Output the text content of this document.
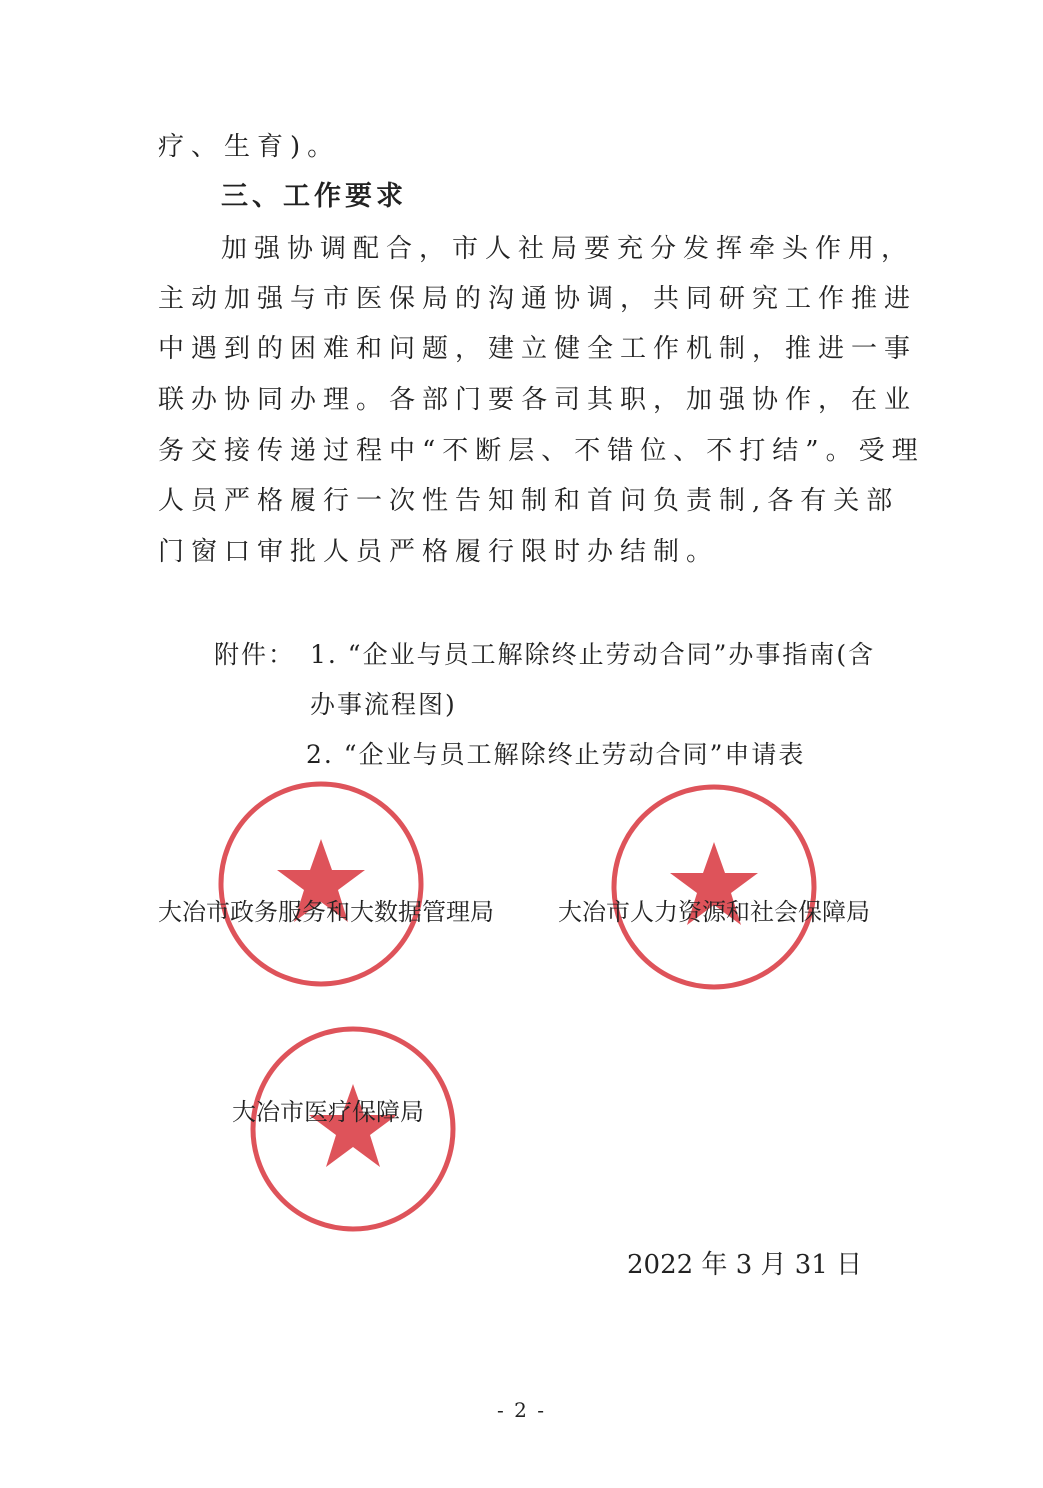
疗、生育)。
三、工作要求
加强协调配合，市人社局要充分发挥牵头作用，
主动加强与市医保局的沟通协调，共同研究工作推进
中遇到的困难和问题，建立健全工作机制，推进一事
联办协同办理。各部门要各司其职，加强协作，在业
务交接传递过程中“不断层、不错位、不打结”。受理
人员严格履行一次性告知制和首问负责制,各有关部
门窗口审批人员严格履行限时办结制。
附件： 1. “企业与员工解除终止劳动合同”办事指南(含
办事流程图)
2. “企业与员工解除终止劳动合同”申请表
大冶市政务服务和大数据管理局	大冶市人力资源和社会保障局
大冶市医疗保障局
2022 年 3 月 31 日
- 2 -
